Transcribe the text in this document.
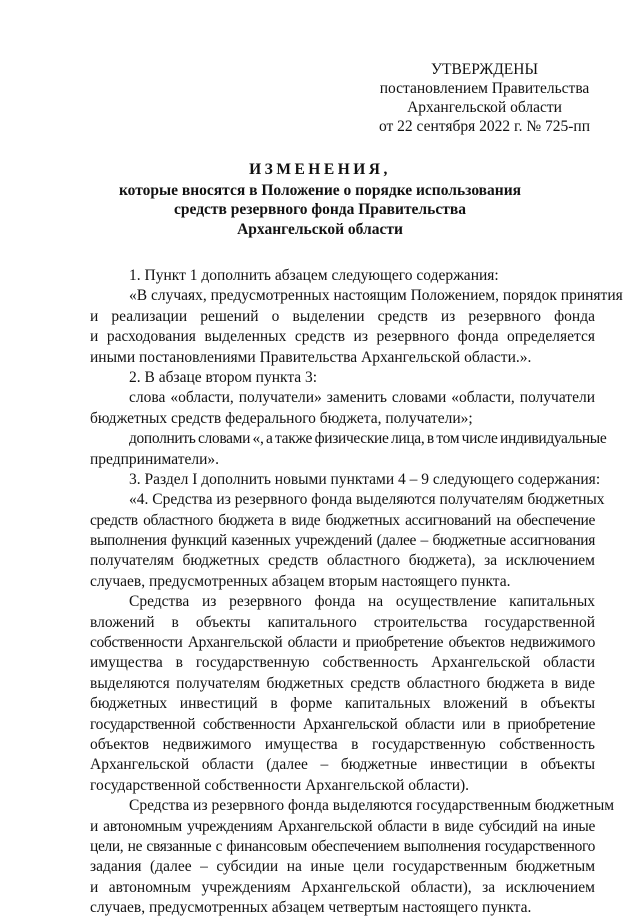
УТВЕРЖДЕНЫ
постановлением Правительства
Архангельской области
от 22 сентября 2022 г. № 725-пп
ИЗМЕНЕНИЯ,
которые вносятся в Положение о порядке использования
средств резервного фонда Правительства
Архангельской области
1. Пункт 1 дополнить абзацем следующего содержания:
«В случаях, предусмотренных настоящим Положением, порядок принятия
и реализации решений о выделении средств из резервного фонда
и расходования выделенных средств из резервного фонда определяется
иными постановлениями Правительства Архангельской области.».
2. В абзаце втором пункта 3:
слова «области, получатели» заменить словами «области, получатели
бюджетных средств федерального бюджета, получатели»;
дополнить словами «, а также физические лица, в том числе индивидуальные
предприниматели».
3. Раздел I дополнить новыми пунктами 4 – 9 следующего содержания:
«4. Средства из резервного фонда выделяются получателям бюджетных
средств областного бюджета в виде бюджетных ассигнований на обеспечение
выполнения функций казенных учреждений (далее – бюджетные ассигнования
получателям бюджетных средств областного бюджета), за исключением
случаев, предусмотренных абзацем вторым настоящего пункта.
Средства из резервного фонда на осуществление капитальных
вложений в объекты капитального строительства государственной
собственности Архангельской области и приобретение объектов недвижимого
имущества в государственную собственность Архангельской области
выделяются получателям бюджетных средств областного бюджета в виде
бюджетных инвестиций в форме капитальных вложений в объекты
государственной собственности Архангельской области или в приобретение
объектов недвижимого имущества в государственную собственность
Архангельской области (далее – бюджетные инвестиции в объекты
государственной собственности Архангельской области).
Средства из резервного фонда выделяются государственным бюджетным
и автономным учреждениям Архангельской области в виде субсидий на иные
цели, не связанные с финансовым обеспечением выполнения государственного
задания (далее – субсидии на иные цели государственным бюджетным
и автономным учреждениям Архангельской области), за исключением
случаев, предусмотренных абзацем четвертым настоящего пункта.
